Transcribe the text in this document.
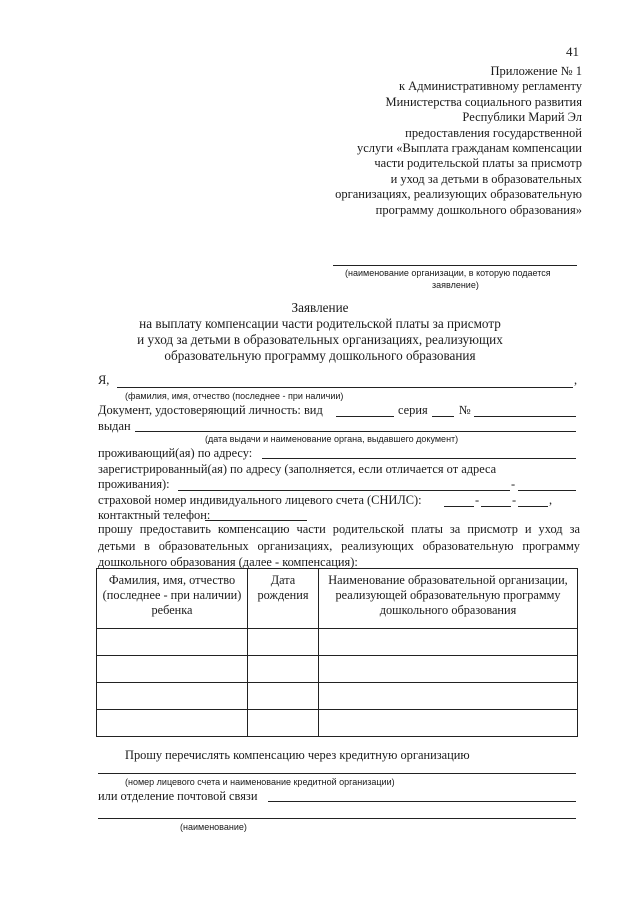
41
Приложение № 1
к Административному регламенту
Министерства социального развития
Республики Марий Эл
предоставления государственной
услуги «Выплата гражданам компенсации
части родительской платы за присмотр
и уход за детьми в образовательных
организациях, реализующих образовательную
программу дошкольного образования»
(наименование организации, в которую подается
заявление)
Заявление
на выплату компенсации части родительской платы за присмотр
и уход за детьми в образовательных организациях, реализующих
образовательную программу дошкольного образования
Я,	,
(фамилия, имя, отчество (последнее - при наличии)
Документ, удостоверяющий личность: вид	серия	№
выдан
(дата выдачи и наименование органа, выдавшего документ)
проживающий(ая) по адресу:
зарегистрированный(ая) по адресу (заполняется, если отличается от адреса
проживания):	-
страховой номер индивидуального лицевого счета (СНИЛС):	-	-	,
контактный телефон:
прошу предоставить компенсацию части родительской платы за присмотр и уход за детьми в образовательных организациях, реализующих образовательную программу дошкольного образования (далее - компенсация):
Фамилия, имя, отчество (последнее - при наличии) ребенка	Дата рождения	Наименование образовательной организации, реализующей образовательную программу дошкольного образования

Прошу перечислять компенсацию через кредитную организацию
(номер лицевого счета и наименование кредитной организации)
или отделение почтовой связи
(наименование)
